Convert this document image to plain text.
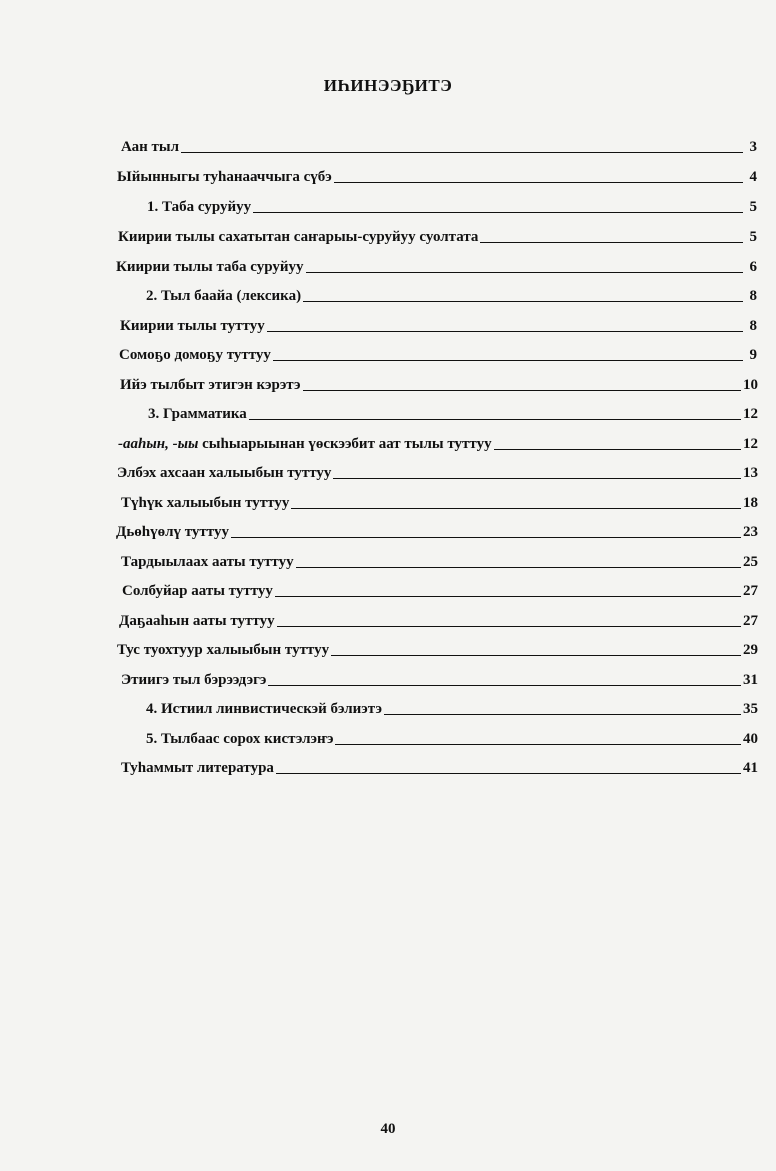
ИҺИНЭЭҔИТЭ
Аан тыл	3
Ыйынныгы туһанааччыга сүбэ	4
1. Таба суруйуу	5
Киирии тылы сахатытан саҥарыы-суруйуу суолтата	5
Киирии тылы таба суруйуу	6
2. Тыл баайа (лексика)	8
Киирии тылы туттуу	8
Сомоҕо домоҕу туттуу	9
Ийэ тылбыт этигэн кэрэтэ	10
3. Грамматика	12
-ааһын, -ыы сыһыарыынан үөскээбит аат тылы туттуу	12
Элбэх ахсаан халыыбын туттуу	13
Түһүк халыыбын туттуу	18
Дьөһүөлү туттуу	23
Тардыылаах ааты туттуу	25
Солбуйар ааты туттуу	27
Даҕааһын ааты туттуу	27
Тус туохтуур халыыбын туттуу	29
Этиигэ тыл бэрээдэгэ	31
4. Истиил линвистическэй бэлиэтэ	35
5. Тылбаас сорох кистэлэҥэ	40
Туһаммыт литература	41
40
